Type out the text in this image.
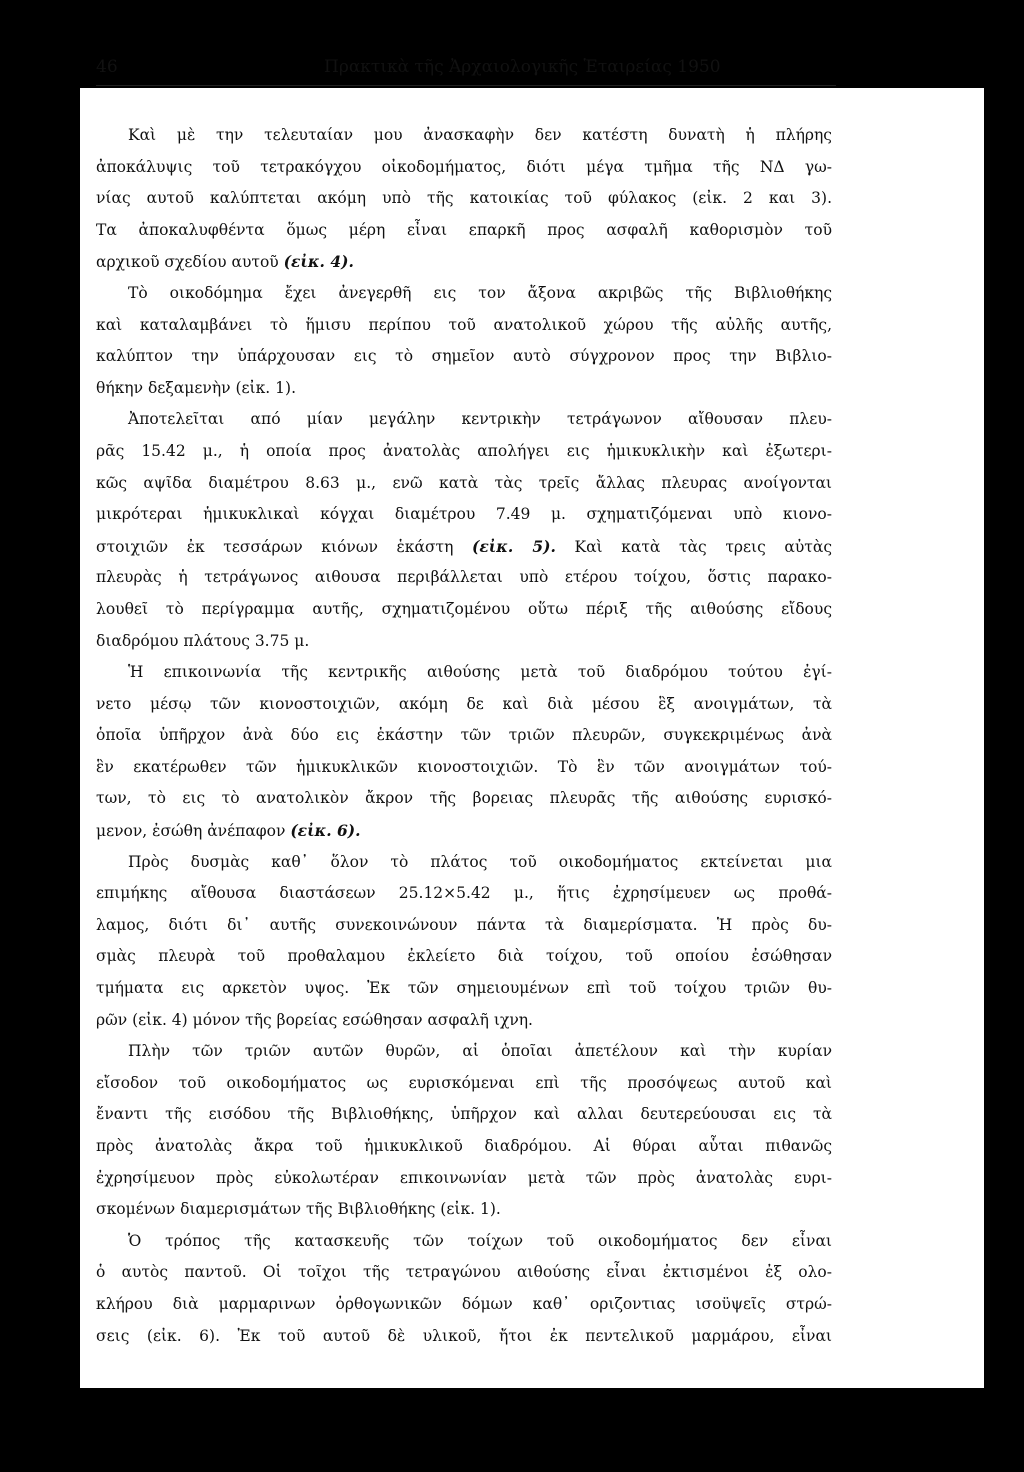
46	Πρακτικὰ τῆς Ἀρχαιολογικῆς Ἑταιρείας 1950
Καὶ μὲ την τελευταίαν μου ἀνασκαφὴν δεν κατέστη δυνατὴ ἡ πλήρης
ἀποκάλυψις τοῦ τετρακόγχου οἰκοδομήματος, διότι μέγα τμῆμα τῆς ΝΔ γω-
νίας αυτοῦ καλύπτεται ακόμη υπὸ τῆς κατοικίας τοῦ φύλακος (εἰκ. 2 και 3).
Τα ἀποκαλυφθέντα ὅμως μέρη εἶναι επαρκῆ προς ασφαλῆ καθορισμὸν τοῦ
αρχικοῦ σχεδίου αυτοῦ (εἰκ. 4).
Τὸ οικοδόμημα ἔχει ἀνεγερθῆ εις τον ἄξονα ακριβῶς τῆς Βιβλιοθήκης
καὶ καταλαμβάνει τὸ ἥμισυ περίπου τοῦ ανατολικοῦ χώρου τῆς αὐλῆς αυτῆς,
καλύπτον την ὑπάρχουσαν εις τὸ σημεῖον αυτὸ σύγχρονον προς την Βιβλιο-
θήκην δεξαμενὴν (εἰκ. 1).
Ἀποτελεῖται από μίαν μεγάλην κεντρικὴν τετράγωνον αἴθουσαν πλευ-
ρᾶς 15.42 μ., ἡ οποία προς ἀνατολὰς απολήγει εις ἡμικυκλικὴν καὶ ἐξωτερι-
κῶς αψῖδα διαμέτρου 8.63 μ., ενῶ κατὰ τὰς τρεῖς ἄλλας πλευρας ανοίγονται
μικρότεραι ἡμικυκλικαὶ κόγχαι διαμέτρου 7.49 μ. σχηματιζόμεναι υπὸ κιονο-
στοιχιῶν ἐκ τεσσάρων κιόνων ἑκάστη (εἰκ. 5). Καὶ κατὰ τὰς τρεις αὐτὰς
πλευρὰς ἡ τετράγωνος αιθουσα περιβάλλεται υπὸ ετέρου τοίχου, ὅστις παρακο-
λουθεῖ τὸ περίγραμμα αυτῆς, σχηματιζομένου οὕτω πέριξ τῆς αιθούσης εἴδους
διαδρόμου πλάτους 3.75 μ.
Ἡ επικοινωνία τῆς κεντρικῆς αιθούσης μετὰ τοῦ διαδρόμου τούτου ἐγί-
νετο μέσῳ τῶν κιονοστοιχιῶν, ακόμη δε καὶ διὰ μέσου ἓξ ανοιγμάτων, τὰ
ὁποῖα ὑπῆρχον ἀνὰ δύο εις ἑκάστην τῶν τριῶν πλευρῶν, συγκεκριμένως ἀνὰ
ἓν εκατέρωθεν τῶν ἡμικυκλικῶν κιονοστοιχιῶν. Τὸ ἓν τῶν ανοιγμάτων τού-
των, τὸ εις τὸ ανατολικὸν ἄκρον τῆς βορειας πλευρᾶς τῆς αιθούσης ευρισκό-
μενον, ἐσώθη ἀνέπαφον (εἰκ. 6).
Πρὸς δυσμὰς καθ᾽ ὅλον τὸ πλάτος τοῦ οικοδομήματος εκτείνεται μια
επιμήκης αἴθουσα διαστάσεων 25.12×5.42 μ., ἥτις ἐχρησίμευεν ως προθά-
λαμος, διότι δι᾽ αυτῆς συνεκοινώνουν πάντα τὰ διαμερίσματα. Ἡ πρὸς δυ-
σμὰς πλευρὰ τοῦ προθαλαμου ἐκλείετο διὰ τοίχου, τοῦ οποίου ἐσώθησαν
τμήματα εις αρκετὸν υψος. Ἐκ τῶν σημειουμένων επὶ τοῦ τοίχου τριῶν θυ-
ρῶν (εἰκ. 4) μόνον τῆς βορείας εσώθησαν ασφαλῆ ιχνη.
Πλὴν τῶν τριῶν αυτῶν θυρῶν, αἱ ὁποῖαι ἀπετέλουν καὶ τὴν κυρίαν
εἴσοδον τοῦ οικοδομήματος ως ευρισκόμεναι επὶ τῆς προσόψεως αυτοῦ καὶ
ἔναντι τῆς εισόδου τῆς Βιβλιοθήκης, ὑπῆρχον καὶ αλλαι δευτερεύουσαι εις τὰ
πρὸς ἀνατολὰς ἄκρα τοῦ ἡμικυκλικοῦ διαδρόμου. Αἱ θύραι αὗται πιθανῶς
ἐχρησίμευον πρὸς εὐκολωτέραν επικοινωνίαν μετὰ τῶν πρὸς ἀνατολὰς ευρι-
σκομένων διαμερισμάτων τῆς Βιβλιοθήκης (εἰκ. 1).
Ὁ τρόπος τῆς κατασκευῆς τῶν τοίχων τοῦ οικοδομήματος δεν εἶναι
ὁ αυτὸς παντοῦ. Οἱ τοῖχοι τῆς τετραγώνου αιθούσης εἶναι ἐκτισμένοι ἐξ ολο-
κλήρου διὰ μαρμαρινων ὀρθογωνικῶν δόμων καθ᾽ οριζοντιας ισοϋψεῖς στρώ-
σεις (εἰκ. 6). Ἐκ τοῦ αυτοῦ δὲ υλικοῦ, ἤτοι ἐκ πεντελικοῦ μαρμάρου, εἶναι
